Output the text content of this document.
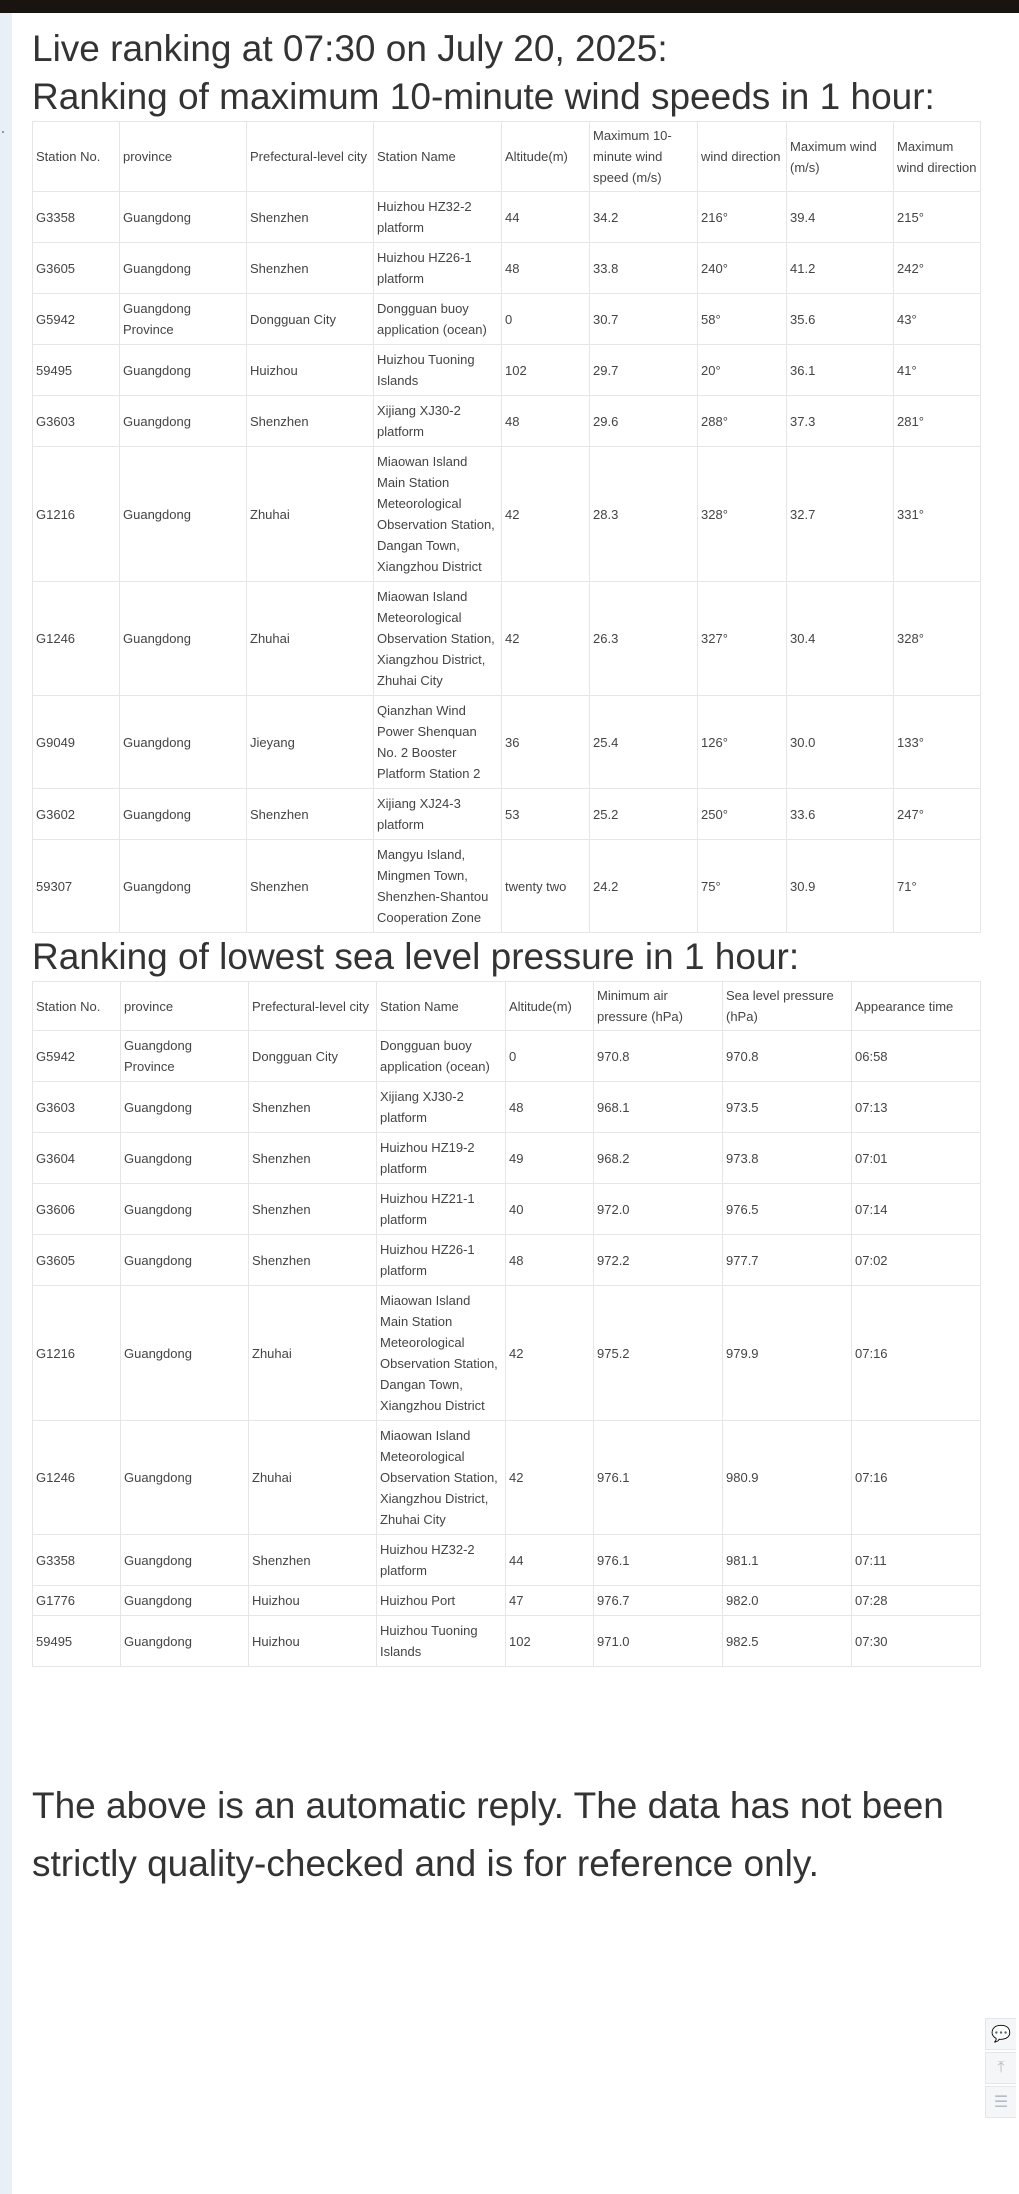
Live ranking at 07:30 on July 20, 2025:
Ranking of maximum 10-minute wind speeds in 1 hour:
Station No.	province	Prefectural-level city	Station Name	Altitude(m)	Maximum 10-minute wind speed (m/s)	wind direction	Maximum wind (m/s)	Maximum wind direction
G3358	Guangdong	Shenzhen	Huizhou HZ32-2 platform	44	34.2	216°	39.4	215°
G3605	Guangdong	Shenzhen	Huizhou HZ26-1 platform	48	33.8	240°	41.2	242°
G5942	Guangdong Province	Dongguan City	Dongguan buoy application (ocean)	0	30.7	58°	35.6	43°
59495	Guangdong	Huizhou	Huizhou Tuoning Islands	102	29.7	20°	36.1	41°
G3603	Guangdong	Shenzhen	Xijiang XJ30-2 platform	48	29.6	288°	37.3	281°
G1216	Guangdong	Zhuhai	Miaowan Island Main Station Meteorological Observation Station, Dangan Town, Xiangzhou District	42	28.3	328°	32.7	331°
G1246	Guangdong	Zhuhai	Miaowan Island Meteorological Observation Station, Xiangzhou District, Zhuhai City	42	26.3	327°	30.4	328°
G9049	Guangdong	Jieyang	Qianzhan Wind Power Shenquan No. 2 Booster Platform Station 2	36	25.4	126°	30.0	133°
G3602	Guangdong	Shenzhen	Xijiang XJ24-3 platform	53	25.2	250°	33.6	247°
59307	Guangdong	Shenzhen	Mangyu Island, Mingmen Town, Shenzhen-Shantou Cooperation Zone	twenty two	24.2	75°	30.9	71°
Ranking of lowest sea level pressure in 1 hour:
Station No.	province	Prefectural-level city	Station Name	Altitude(m)	Minimum air pressure (hPa)	Sea level pressure (hPa)	Appearance time
G5942	Guangdong Province	Dongguan City	Dongguan buoy application (ocean)	0	970.8	970.8	06:58
G3603	Guangdong	Shenzhen	Xijiang XJ30-2 platform	48	968.1	973.5	07:13
G3604	Guangdong	Shenzhen	Huizhou HZ19-2 platform	49	968.2	973.8	07:01
G3606	Guangdong	Shenzhen	Huizhou HZ21-1 platform	40	972.0	976.5	07:14
G3605	Guangdong	Shenzhen	Huizhou HZ26-1 platform	48	972.2	977.7	07:02
G1216	Guangdong	Zhuhai	Miaowan Island Main Station Meteorological Observation Station, Dangan Town, Xiangzhou District	42	975.2	979.9	07:16
G1246	Guangdong	Zhuhai	Miaowan Island Meteorological Observation Station, Xiangzhou District, Zhuhai City	42	976.1	980.9	07:16
G3358	Guangdong	Shenzhen	Huizhou HZ32-2 platform	44	976.1	981.1	07:11
G1776	Guangdong	Huizhou	Huizhou Port	47	976.7	982.0	07:28
59495	Guangdong	Huizhou	Huizhou Tuoning Islands	102	971.0	982.5	07:30
The above is an automatic reply. The data has not been strictly quality-checked and is for reference only.
💬
⤒
☰
